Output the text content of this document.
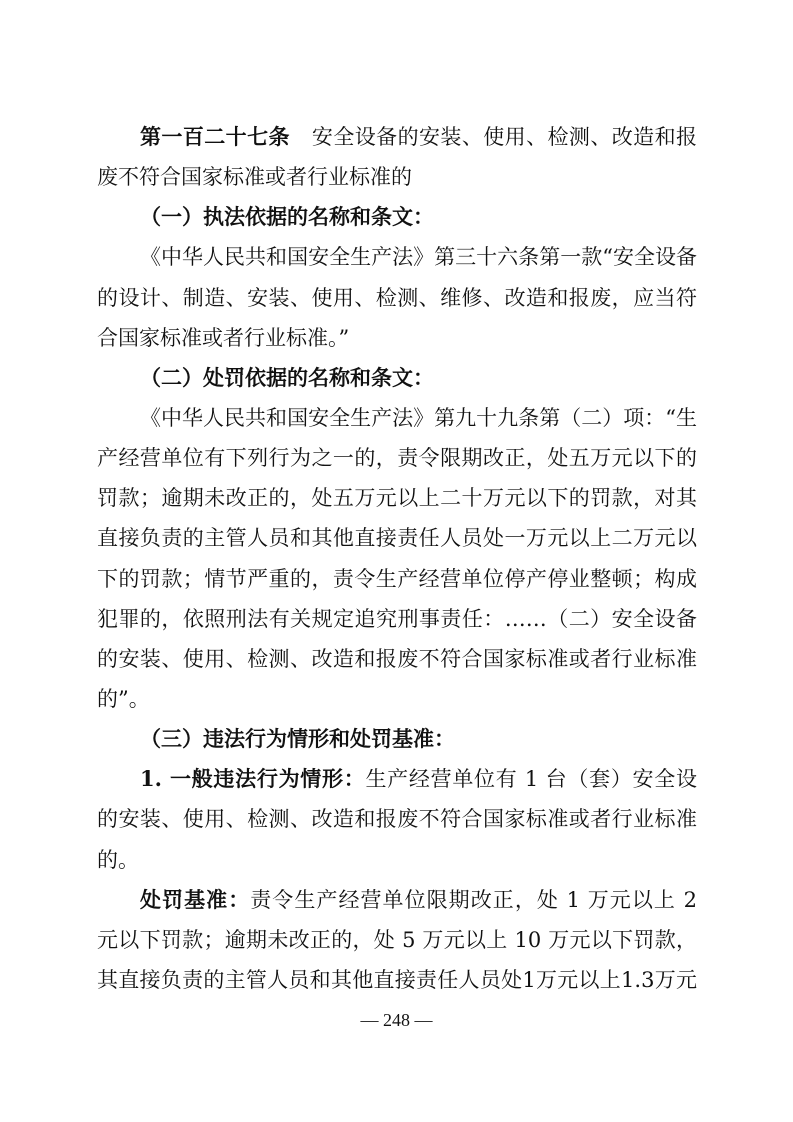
第一百二十七条 安全设备的安装、使用、检测、改造和报
废不符合国家标准或者行业标准的
（一）执法依据的名称和条文：
《中华人民共和国安全生产法》第三十六条第一款“安全设备
的设计、制造、安装、使用、检测、维修、改造和报废，应当符
合国家标准或者行业标准。”
（二）处罚依据的名称和条文：
《中华人民共和国安全生产法》第九十九条第（二）项：“生
产经营单位有下列行为之一的，责令限期改正，处五万元以下的
罚款；逾期未改正的，处五万元以上二十万元以下的罚款，对其
直接负责的主管人员和其他直接责任人员处一万元以上二万元以
下的罚款；情节严重的，责令生产经营单位停产停业整顿；构成
犯罪的，依照刑法有关规定追究刑事责任：……（二）安全设备
的安装、使用、检测、改造和报废不符合国家标准或者行业标准
的”。
（三）违法行为情形和处罚基准：
1. 一般违法行为情形：生产经营单位有 1 台（套）安全设
的安装、使用、检测、改造和报废不符合国家标准或者行业标准
的。
处罚基准：责令生产经营单位限期改正，处 1 万元以上 2
元以下罚款；逾期未改正的，处 5 万元以上 10 万元以下罚款，
其直接负责的主管人员和其他直接责任人员处1万元以上1.3万元
— 248 —
